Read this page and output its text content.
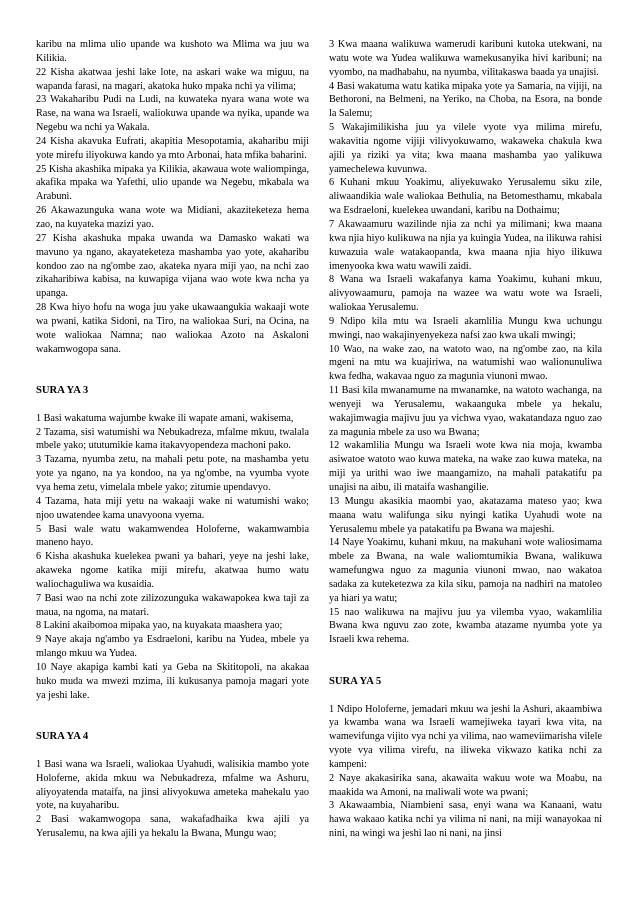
karibu na mlima ulio upande wa kushoto wa Mlima wa juu wa Kilikia.

22 Kisha akatwaa jeshi lake lote, na askari wake wa miguu, na wapanda farasi, na magari, akatoka huko mpaka nchi ya vilima;

23 Wakaharibu Pudi na Ludi, na kuwateka nyara wana wote wa Rase, na wana wa Israeli, waliokuwa upande wa nyika, upande wa Negebu wa nchi ya Wakala.

24 Kisha akavuka Eufrati, akapitia Mesopotamia, akaharibu miji yote mirefu iliyokuwa kando ya mto Arbonai, hata mfika baharini.

25 Kisha akashika mipaka ya Kilikia, akawaua wote waliompinga, akafika mpaka wa Yafethi, ulio upande wa Negebu, mkabala wa Arabuni.

26 Akawazunguka wana wote wa Midiani, akaziteketeza hema zao, na kuyateka mazizi yao.

27 Kisha akashuka mpaka uwanda wa Damasko wakati wa mavuno ya ngano, akayateketeza mashamba yao yote, akaharibu kondoo zao na ng'ombe zao, akateka nyara miji yao, na nchi zao zikaharibiwa kabisa, na kuwapiga vijana wao wote kwa ncha ya upanga.

28 Kwa hiyo hofu na woga juu yake ukawaangukia wakaaji wote wa pwani, katika Sidoni, na Tiro, na waliokaa Suri, na Ocina, na wote waliokaa Namna; nao waliokaa Azoto na Askaloni wakamwogopa sana.

SURA YA 3

1 Basi wakatuma wajumbe kwake ili wapate amani, wakisema,

2 Tazama, sisi watumishi wa Nebukadreza, mfalme mkuu, twalala mbele yako; ututumikie kama itakavyopendeza machoni pako.

3 Tazama, nyumba zetu, na mahali petu pote, na mashamba yetu yote ya ngano, na ya kondoo, na ya ng'ombe, na vyumba vyote vya hema zetu, vimelala mbele yako; zitumie upendavyo.

4 Tazama, hata miji yetu na wakaaji wake ni watumishi wako; njoo uwatendee kama unavyoona vyema.

5 Basi wale watu wakamwendea Holoferne, wakamwambia maneno hayo.

6 Kisha akashuka kuelekea pwani ya bahari, yeye na jeshi lake, akaweka ngome katika miji mirefu, akatwaa humo watu waliochaguliwa wa kusaidia.

7 Basi wao na nchi zote zilizozunguka wakawapokea kwa taji za maua, na ngoma, na matari.

8 Lakini akaibomoa mipaka yao, na kuyakata maashera yao;

9 Naye akaja ng'ambo ya Esdraeloni, karibu na Yudea, mbele ya mlango mkuu wa Yudea.

10 Naye akapiga kambi kati ya Geba na Skititopoli, na akakaa huko muda wa mwezi mzima, ili kukusanya pamoja magari yote ya jeshi lake.

SURA YA 4

1 Basi wana wa Israeli, waliokaa Uyahudi, walisikia mambo yote Holoferne, akida mkuu wa Nebukadreza, mfalme wa Ashuru, aliyoyatenda mataifa, na jinsi alivyokuwa ameteka mahekalu yao yote, na kuyaharibu.

2 Basi wakamwogopa sana, wakafadhaika kwa ajili ya Yerusalemu, na kwa ajili ya hekalu la Bwana, Mungu wao;

3 Kwa maana walikuwa wamerudi karibuni kutoka utekwani, na watu wote wa Yudea walikuwa wamekusanyika hivi karibuni; na vyombo, na madhabahu, na nyumba, vilitakaswa baada ya unajisi.

4 Basi wakatuma watu katika mipaka yote ya Samaria, na vijiji, na Bethoroni, na Belmeni, na Yeriko, na Choba, na Esora, na bonde la Salemu;

5 Wakajimilikisha juu ya vilele vyote vya milima mirefu, wakavitia ngome vijiji vilivyokuwamo, wakaweka chakula kwa ajili ya riziki ya vita; kwa maana mashamba yao yalikuwa yamechelewa kuvunwa.

6 Kuhani mkuu Yoakimu, aliyekuwako Yerusalemu siku zile, aliwaandikia wale waliokaa Bethulia, na Betomesthamu, mkabala wa Esdraeloni, kuelekea uwandani, karibu na Dothaimu;

7 Akawaamuru wazilinde njia za nchi ya milimani; kwa maana kwa njia hiyo kulikuwa na njia ya kuingia Yudea, na ilikuwa rahisi kuwazuia wale watakaopanda, kwa maana njia hiyo ilikuwa imenyooka kwa watu wawili zaidi.

8 Wana wa Israeli wakafanya kama Yoakimu, kuhani mkuu, alivyowaamuru, pamoja na wazee wa watu wote wa Israeli, waliokaa Yerusalemu.

9 Ndipo kila mtu wa Israeli akamlilia Mungu kwa uchungu mwingi, nao wakajinyenyekeza nafsi zao kwa ukali mwingi;

10 Wao, na wake zao, na watoto wao, na ng'ombe zao, na kila mgeni na mtu wa kuajiriwa, na watumishi wao walionunuliwa kwa fedha, wakavaa nguo za magunia viunoni mwao.

11 Basi kila mwanamume na mwanamke, na watoto wachanga, na wenyeji wa Yerusalemu, wakaanguka mbele ya hekalu, wakajimwagia majivu juu ya vichwa vyao, wakatandaza nguo zao za magunia mbele za uso wa Bwana;

12 wakamlilia Mungu wa Israeli wote kwa nia moja, kwamba asiwatoe watoto wao kuwa mateka, na wake zao kuwa mateka, na miji ya urithi wao iwe maangamizo, na mahali patakatifu pa unajisi na aibu, ili mataifa washangilie.

13 Mungu akasikia maombi yao, akatazama mateso yao; kwa maana watu walifunga siku nyingi katika Uyahudi wote na Yerusalemu mbele ya patakatifu pa Bwana wa majeshi.

14 Naye Yoakimu, kuhani mkuu, na makuhani wote waliosimama mbele za Bwana, na wale waliomtumikia Bwana, walikuwa wamefungwa nguo za magunia viunoni mwao, nao wakatoa sadaka za kuteketezwa za kila siku, pamoja na nadhiri na matoleo ya hiari ya watu;

15 nao walikuwa na majivu juu ya vilemba vyao, wakamlilia Bwana kwa nguvu zao zote, kwamba atazame nyumba yote ya Israeli kwa rehema.

SURA YA 5

1 Ndipo Holoferne, jemadari mkuu wa jeshi la Ashuri, akaambiwa ya kwamba wana wa Israeli wamejiweka tayari kwa vita, na wamevifunga vijito vya nchi ya vilima, nao wameviimarisha vilele vyote vya vilima virefu, na iliweka vikwazo katika nchi za kampeni:

2 Naye akakasirika sana, akawaita wakuu wote wa Moabu, na maakida wa Amoni, na maliwali wote wa pwani;

3 Akawaambia, Niambieni sasa, enyi wana wa Kanaani, watu hawa wakaao katika nchi ya vilima ni nani, na miji wanayokaa ni nini, na wingi wa jeshi lao ni nani, na jinsi
